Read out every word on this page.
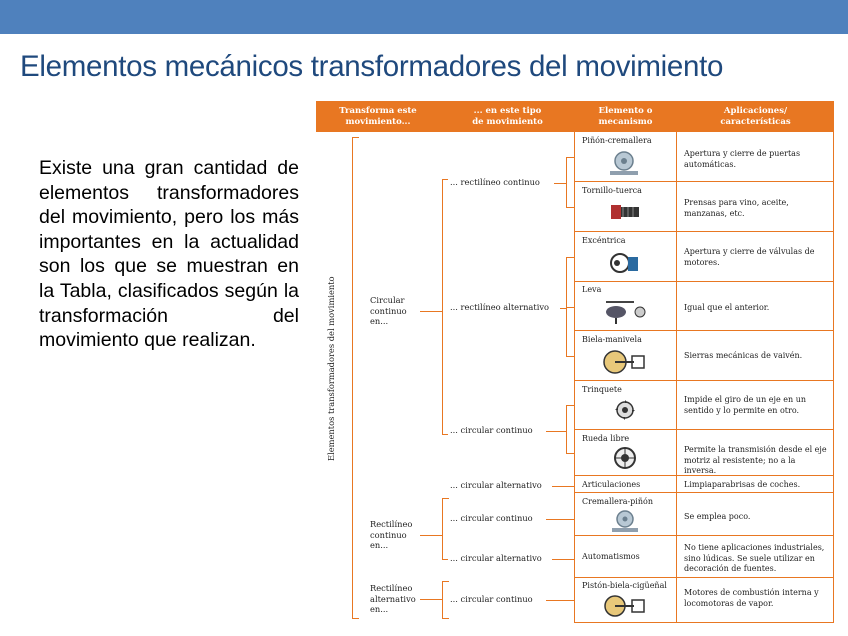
Elementos mecánicos transformadores del movimiento
Existe una gran cantidad de elementos transformadores del movimiento, pero los más importantes en la actualidad son los que se muestran en la Tabla, clasificados según la transformación del movimiento que realizan.
Transforma este
movimiento...
... en este tipo
de movimiento
Elemento o
mecanismo
Aplicaciones/
características
Elementos transformadores del movimiento	Circular
continuo
en...
Rectilíneo
continuo
en...
Rectilíneo
alternativo
en...
... rectilíneo continuo
... rectilíneo alternativo
... circular continuo
... circular alternativo
... circular continuo
... circular alternativo
... circular continuo
Piñón-cremallera
Tornillo-tuerca
Excéntrica
Leva
Biela-manivela
Trinquete
Rueda libre
Articulaciones
Cremallera-piñón
Automatismos
Pistón-biela-cigüeñal
Apertura y cierre de puertas automáticas.
Prensas para vino, aceite, manzanas, etc.
Apertura y cierre de válvulas de motores.
Igual que el anterior.
Sierras mecánicas de vaivén.
Impide el giro de un eje en un sentido y lo permite en otro.
Permite la transmisión desde el eje motriz al resistente; no a la inversa.
Limpiaparabrisas de coches.
Se emplea poco.
No tiene aplicaciones industriales, sino lúdicas. Se suele utilizar en decoración de fuentes.
Motores de combustión interna y locomotoras de vapor.
